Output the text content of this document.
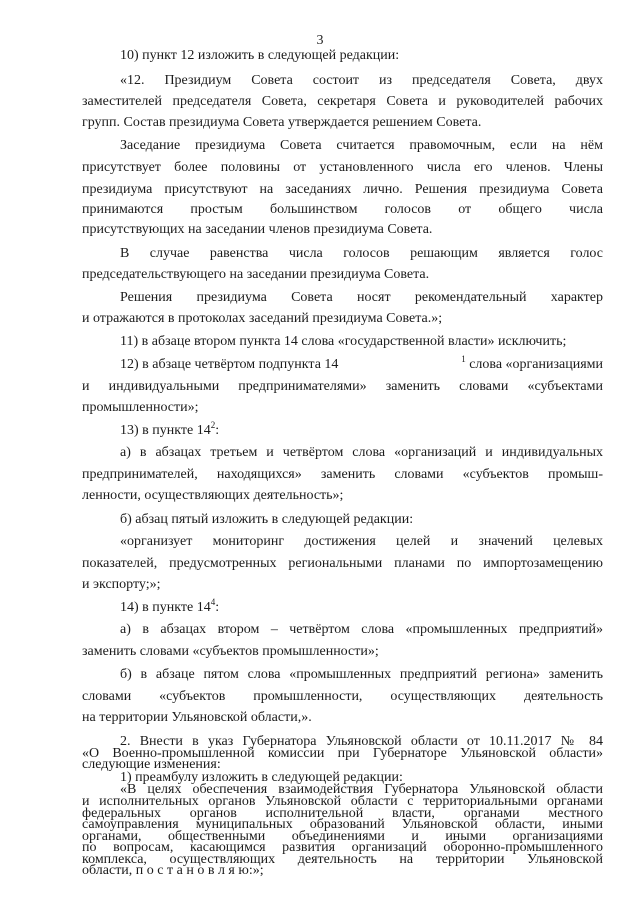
3
10) пункт 12 изложить в следующей редакции:
«12. Президиум Совета состоит из председателя Совета, двух
заместителей председателя Совета, секретаря Совета и руководителей рабочих
групп. Состав президиума Совета утверждается решением Совета.
Заседание президиума Совета считается правомочным, если на нём
присутствует более половины от установленного числа его членов. Члены
президиума присутствуют на заседаниях лично. Решения президиума Совета
принимаются простым большинством голосов от общего числа
присутствующих на заседании членов президиума Совета.
В случае равенства числа голосов решающим является голос
председательствующего на заседании президиума Совета.
Решения президиума Совета носят рекомендательный характер
и отражаются в протоколах заседаний президиума Совета.»;
11) в абзаце втором пункта 14 слова «государственной власти» исключить;
12) в абзаце четвёртом подпункта 14	$^1$ слова «организациями
и индивидуальными предпринимателями» заменить словами «субъектами
промышленности»;
13) в пункте $14^2$:
а) в абзацах третьем и четвёртом слова «организаций и индивидуальных
предпринимателей, находящихся» заменить словами «субъектов промыш-
ленности, осуществляющих деятельность»;
б) абзац пятый изложить в следующей редакции:
«организует мониторинг достижения целей и значений целевых
показателей, предусмотренных региональными планами по импортозамещению
и экспорту;»;
14) в пункте $14^4$:
а) в абзацах втором – четвёртом слова «промышленных предприятий»
заменить словами «субъектов промышленности»;
б) в абзаце пятом слова «промышленных предприятий региона» заменить
словами «субъектов промышленности, осуществляющих деятельность
на территории Ульяновской области,».
2. Внести в указ Губернатора Ульяновской области от 10.11.2017 № 84
«О Военно-промышленной комиссии при Губернаторе Ульяновской области»
следующие изменения:
1) преамбулу изложить в следующей редакции:
«В целях обеспечения взаимодействия Губернатора Ульяновской области
и исполнительных органов Ульяновской области с территориальными органами
федеральных органов исполнительной власти, органами местного
самоуправления муниципальных образований Ульяновской области, иными
органами, общественными объединениями и иными организациями
по вопросам, касающимся развития организаций оборонно-промышленного
комплекса, осуществляющих деятельность на территории Ульяновской
области, п о с т а н о в л я ю:»;
